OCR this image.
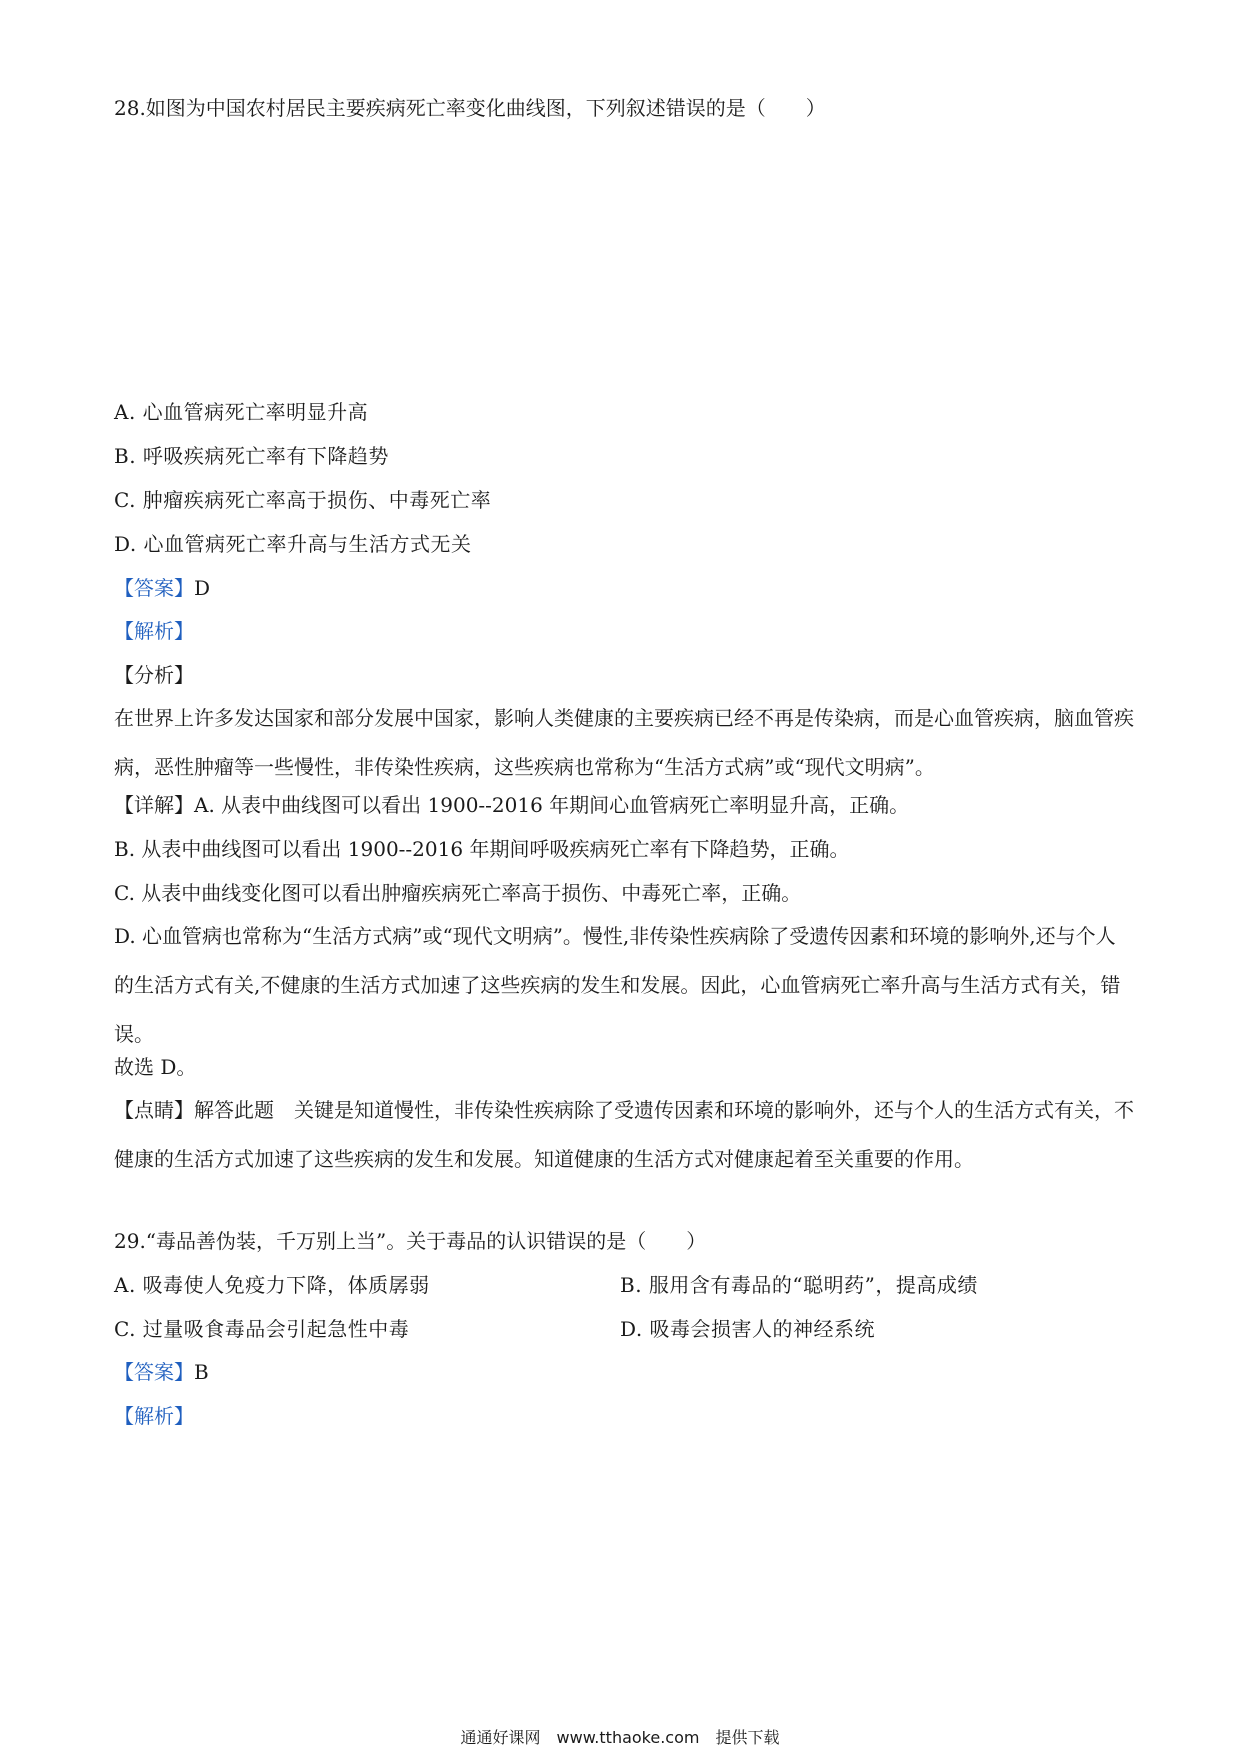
28.如图为中国农村居民主要疾病死亡率变化曲线图，下列叙述错误的是（　　）
A. 心血管病死亡率明显升高
B. 呼吸疾病死亡率有下降趋势
C. 肿瘤疾病死亡率高于损伤、中毒死亡率
D. 心血管病死亡率升高与生活方式无关
【答案】D
【解析】
【分析】
在世界上许多发达国家和部分发展中国家，影响人类健康的主要疾病已经不再是传染病，而是心血管疾病，脑血管疾病，恶性肿瘤等一些慢性，非传染性疾病，这些疾病也常称为“生活方式病”或“现代文明病”。
【详解】A. 从表中曲线图可以看出 1900--2016 年期间心血管病死亡率明显升高，正确。
B. 从表中曲线图可以看出 1900--2016 年期间呼吸疾病死亡率有下降趋势，正确。
C. 从表中曲线变化图可以看出肿瘤疾病死亡率高于损伤、中毒死亡率，正确。
D. 心血管病也常称为“生活方式病”或“现代文明病”。慢性,非传染性疾病除了受遗传因素和环境的影响外,还与个人的生活方式有关,不健康的生活方式加速了这些疾病的发生和发展。因此，心血管病死亡率升高与生活方式有关，错误。
故选 D。
【点睛】解答此题　关键是知道慢性，非传染性疾病除了受遗传因素和环境的影响外，还与个人的生活方式有关，不健康的生活方式加速了这些疾病的发生和发展。知道健康的生活方式对健康起着至关重要的作用。
29.“毒品善伪装，千万别上当”。关于毒品的认识错误的是（　　）
A. 吸毒使人免疫力下降，体质孱弱	B. 服用含有毒品的“聪明药”，提高成绩
C. 过量吸食毒品会引起急性中毒	D. 吸毒会损害人的神经系统
【答案】B
【解析】
通通好课网　www.tthaoke.com　提供下载
